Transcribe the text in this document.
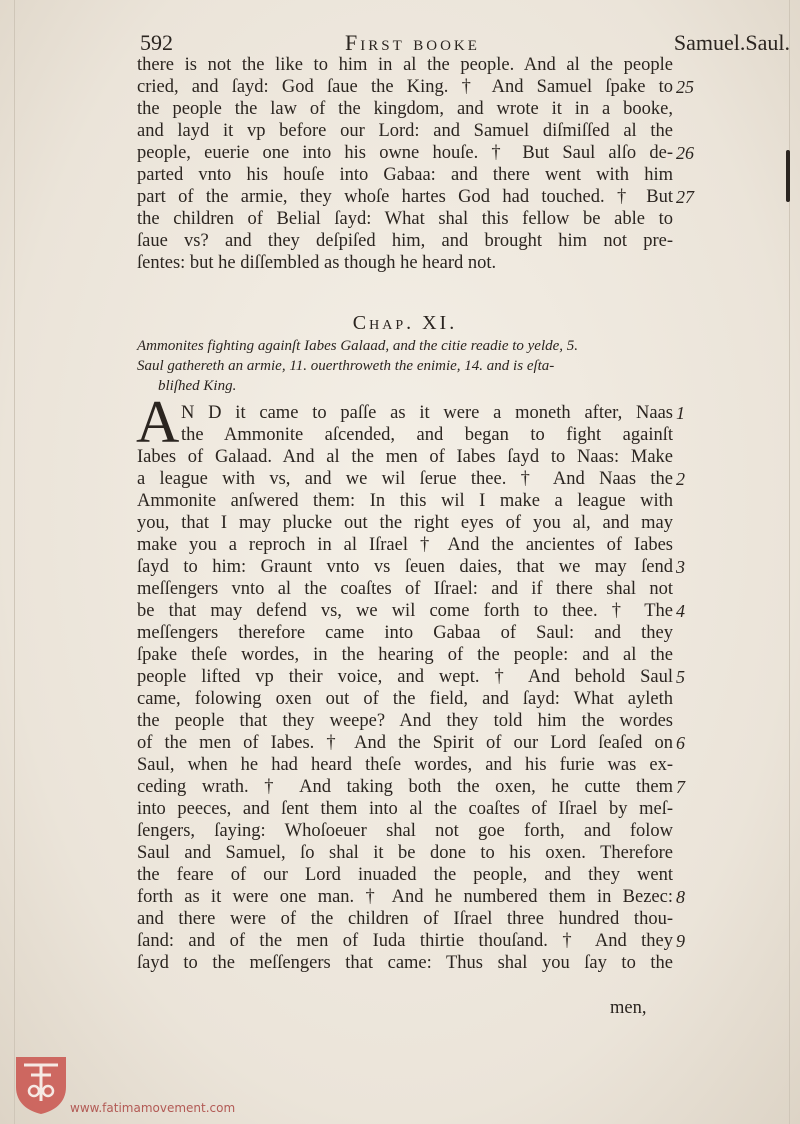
592	First booke	Samuel.Saul.
there is not the like to him in al the people. And al the people
cried, and ſayd: God ſaue the King. † And Samuel ſpake to
the people the law of the kingdom, and wrote it in a booke,
and layd it vp before our Lord: and Samuel diſmiſſed al the
people, euerie one into his owne houſe. † But Saul alſo de-
parted vnto his houſe into Gabaa: and there went with him
part of the armie, they whoſe hartes God had touched. † But
the children of Belial ſayd: What shal this fellow be able to
ſaue vs? and they deſpiſed him, and brought him not pre-
ſentes: but he diſſembled as though he heard not.
25
26
27
Chap. XI.
Ammonites fighting againſt Iabes Galaad, and the citie readie to yelde, 5.
Saul gathereth an armie, 11. ouerthroweth the enimie, 14. and is eſta-
bliſhed King.
A N D it came to paſſe as it were a moneth after, Naas
the Ammonite aſcended, and began to fight againſt
Iabes of Galaad. And al the men of Iabes ſayd to Naas: Make
a league with vs, and we wil ſerue thee. † And Naas the
Ammonite anſwered them: In this wil I make a league with
you, that I may plucke out the right eyes of you al, and may
make you a reproch in al Iſrael † And the ancientes of Iabes
ſayd to him: Graunt vnto vs ſeuen daies, that we may ſend
meſſengers vnto al the coaſtes of Iſrael: and if there shal not
be that may defend vs, we wil come forth to thee. † The
meſſengers therefore came into Gabaa of Saul: and they
ſpake theſe wordes, in the hearing of the people: and al the
people lifted vp their voice, and wept. † And behold Saul
came, folowing oxen out of the field, and ſayd: What ayleth
the people that they weepe? And they told him the wordes
of the men of Iabes. † And the Spirit of our Lord ſeaſed on
Saul, when he had heard theſe wordes, and his furie was ex-
ceding wrath. † And taking both the oxen, he cutte them
into peeces, and ſent them into al the coaſtes of Iſrael by meſ-
ſengers, ſaying: Whoſoeuer shal not goe forth, and folow
Saul and Samuel, ſo shal it be done to his oxen. Therefore
the feare of our Lord inuaded the people, and they went
forth as it were one man. † And he numbered them in Bezec:
and there were of the children of Iſrael three hundred thou-
ſand: and of the men of Iuda thirtie thouſand. † And they
ſayd to the meſſengers that came: Thus shal you ſay to the
1
2
3
4
5
6
7
8
9
men,
www.fatimamovement.com
